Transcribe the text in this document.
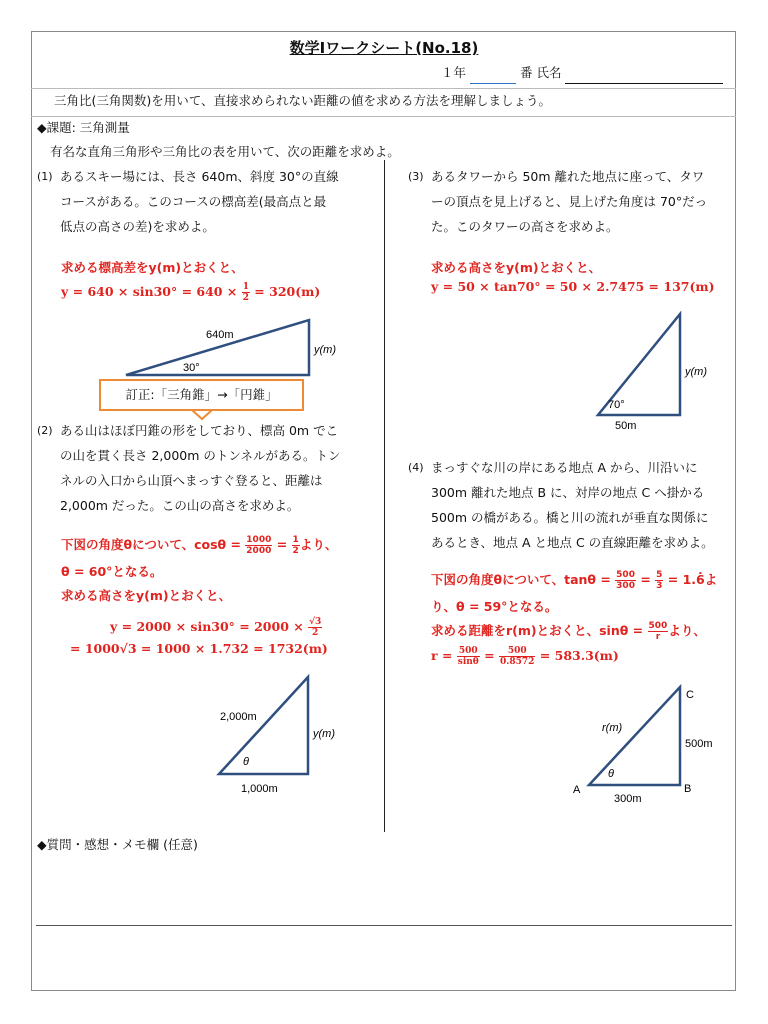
数学Ⅰワークシート(No.18)
１年	番 氏名
三角比(三角関数)を用いて、直接求められない距離の値を求める方法を理解しましょう。
◆課題: 三角測量
有名な直角三角形や三角比の表を用いて、次の距離を求めよ。
(1) あるスキー場には、長さ 640m、斜度 30°の直線
コースがある。このコースの標高差(最高点と最
低点の高さの差)を求めよ。
求める標高差をy(m)とおくと、
$y = 640 \times \sin 30^\circ = 640 \times \frac{1}{2} = 320(m)$
640m
30°
y(m)
2,000m
θ
y(m)
1,000m
70°
y(m)
50m
A	B
C
500m
300m
r(m)
θ
訂正:「三角錐」→「円錐」
(2) ある山はほぼ円錐の形をしており、標高 0m でこ
の山を貫く長さ 2,000m のトンネルがある。トン
ネルの入口から山頂へまっすぐ登ると、距離は
2,000m だった。この山の高さを求めよ。
下図の角度θについて、$\cos\theta = \frac{1000}{2000} = \frac{1}{2}$ より、
θ = 60°となる。
求める高さをy(m)とおくと、
$y = 2000 \times \sin 30^\circ = 2000 \times \frac{√3}{2}$
= 1000√3 = 1000 × 1.732 = 1732(m)
(3) あるタワーから 50m 離れた地点に座って、タワ
ーの頂点を見上げると、見上げた角度は 70°だっ
た。このタワーの高さを求めよ。
求める高さをy(m)とおくと、
y = 50 × tan70° = 50 × 2.7475 = 137(m)
(4) まっすぐな川の岸にある地点 A から、川沿いに
300m 離れた地点 B に、対岸の地点 C へ掛かる
500m の橋がある。橋と川の流れが垂直な関係に
あるとき、地点 A と地点 C の直線距離を求めよ。
下図の角度θについて、$\tan\theta = \frac{500}{300} = \frac{5}{3}$ = 1.6̇よ
り、θ = 59°となる。
求める距離をr(m)とおくと、$\sin\theta = \frac{500}{r}$ より、
$r = \frac{500}{\sin\theta} = \frac{500}{0.8572} = 583.3(m)$
◆質問・感想・メモ欄 (任意)
